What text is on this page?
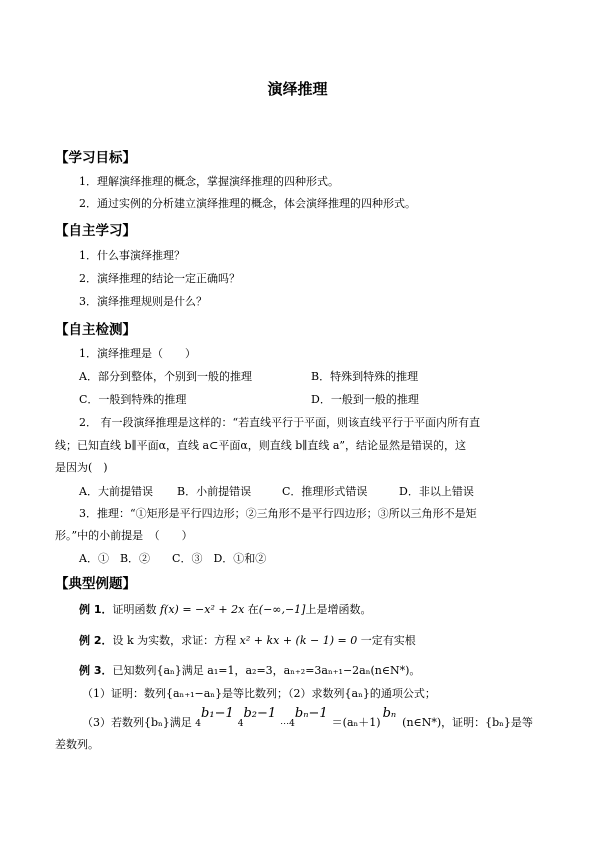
演绎推理
【学习目标】
1．理解演绎推理的概念，掌握演绎推理的四种形式。
2．通过实例的分析建立演绎推理的概念，体会演绎推理的四种形式。
【自主学习】
1．什么事演绎推理？
2．演绎推理的结论一定正确吗？
3．演绎推理规则是什么？
【自主检测】
1．演绎推理是（　　）
A．部分到整体，个别到一般的推理	B．特殊到特殊的推理
C．一般到特殊的推理	D．一般到一般的推理
2． 有一段演绎推理是这样的：“若直线平行于平面，则该直线平行于平面内所有直
线；已知直线 b∥平面α，直线 a⊂平面α，则直线 b∥直线 a”，结论显然是错误的，这
是因为(　)
A．大前提错误 B．小前提错误	C．推理形式错误	D．非以上错误
3．推理：“①矩形是平行四边形；②三角形不是平行四边形；③所以三角形不是矩
形。”中的小前提是　（　　）
A．①　B．②　　C．③　D．①和②
【典型例题】
例 1．证明函数 f(x) = −x² + 2x 在(−∞,−1]上是增函数。
例 2．设 k 为实数，求证：方程 x² + kx + (k − 1) = 0 一定有实根
例 3．已知数列{aₙ}满足 a₁=1，a₂=3，aₙ₊₂=3aₙ₊₁−2aₙ(n∈N*)。
（1）证明：数列{aₙ₊₁−aₙ}是等比数列；（2）求数列{aₙ}的通项公式；
（3）若数列{bₙ}满足 4b₁−14b₂−1⋯4bₙ−1＝(aₙ＋1)bₙ(n∈N*)，证明：{bₙ}是等
差数列。
